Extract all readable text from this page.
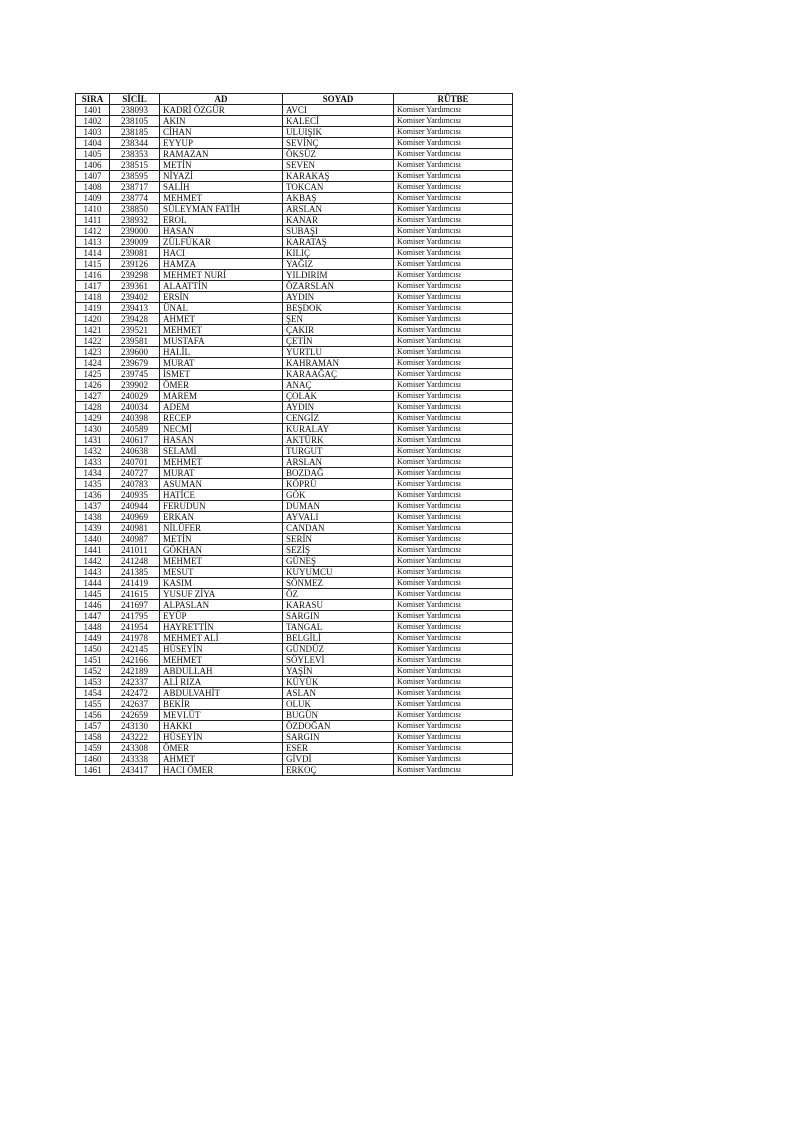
SIRA	SİCİL	AD	SOYAD	RÜTBE
1401	238093	KADRİ ÖZGÜR	AVCI	Komiser Yardımcısı
1402	238105	AKIN	KALECİ	Komiser Yardımcısı
1403	238185	CİHAN	ULUIŞIK	Komiser Yardımcısı
1404	238344	EYYUP	SEVİNÇ	Komiser Yardımcısı
1405	238353	RAMAZAN	ÖKSÜZ	Komiser Yardımcısı
1406	238515	METİN	SEVEN	Komiser Yardımcısı
1407	238595	NİYAZİ	KARAKAŞ	Komiser Yardımcısı
1408	238717	SALİH	TOKCAN	Komiser Yardımcısı
1409	238774	MEHMET	AKBAŞ	Komiser Yardımcısı
1410	238850	SÜLEYMAN FATİH	ARSLAN	Komiser Yardımcısı
1411	238932	EROL	KANAR	Komiser Yardımcısı
1412	239000	HASAN	SUBAŞI	Komiser Yardımcısı
1413	239009	ZÜLFÜKAR	KARATAŞ	Komiser Yardımcısı
1414	239081	HACI	KILIÇ	Komiser Yardımcısı
1415	239126	HAMZA	YAĞIZ	Komiser Yardımcısı
1416	239298	MEHMET NURİ	YILDIRIM	Komiser Yardımcısı
1417	239361	ALAATTİN	ÖZARSLAN	Komiser Yardımcısı
1418	239402	ERSİN	AYDIN	Komiser Yardımcısı
1419	239413	ÜNAL	BEŞDOK	Komiser Yardımcısı
1420	239428	AHMET	ŞEN	Komiser Yardımcısı
1421	239521	MEHMET	ÇAKIR	Komiser Yardımcısı
1422	239581	MUSTAFA	ÇETİN	Komiser Yardımcısı
1423	239600	HALİL	YURTLU	Komiser Yardımcısı
1424	239679	MURAT	KAHRAMAN	Komiser Yardımcısı
1425	239745	İSMET	KARAAĞAÇ	Komiser Yardımcısı
1426	239902	ÖMER	ANAÇ	Komiser Yardımcısı
1427	240029	MAREM	ÇOLAK	Komiser Yardımcısı
1428	240034	ADEM	AYDIN	Komiser Yardımcısı
1429	240398	RECEP	CENGİZ	Komiser Yardımcısı
1430	240589	NECMİ	KURALAY	Komiser Yardımcısı
1431	240617	HASAN	AKTÜRK	Komiser Yardımcısı
1432	240638	SELAMİ	TURGUT	Komiser Yardımcısı
1433	240701	MEHMET	ARSLAN	Komiser Yardımcısı
1434	240727	MURAT	BOZDAĞ	Komiser Yardımcısı
1435	240783	ASUMAN	KÖPRÜ	Komiser Yardımcısı
1436	240935	HATİCE	GÖK	Komiser Yardımcısı
1437	240944	FERUDUN	DUMAN	Komiser Yardımcısı
1438	240969	ERKAN	AYVALI	Komiser Yardımcısı
1439	240981	NİLÜFER	CANDAN	Komiser Yardımcısı
1440	240987	METİN	SERİN	Komiser Yardımcısı
1441	241011	GÖKHAN	SEZİŞ	Komiser Yardımcısı
1442	241248	MEHMET	GÜNEŞ	Komiser Yardımcısı
1443	241385	MESUT	KUYUMCU	Komiser Yardımcısı
1444	241419	KASIM	SÖNMEZ	Komiser Yardımcısı
1445	241615	YUSUF ZİYA	ÖZ	Komiser Yardımcısı
1446	241697	ALPASLAN	KARASU	Komiser Yardımcısı
1447	241795	EYÜP	SARGIN	Komiser Yardımcısı
1448	241954	HAYRETTİN	TANGAL	Komiser Yardımcısı
1449	241978	MEHMET ALİ	BELGİLİ	Komiser Yardımcısı
1450	242145	HÜSEYİN	GÜNDÜZ	Komiser Yardımcısı
1451	242166	MEHMET	SÖYLEVİ	Komiser Yardımcısı
1452	242189	ABDULLAH	YAŞİN	Komiser Yardımcısı
1453	242337	ALİ RIZA	KÜYÜK	Komiser Yardımcısı
1454	242472	ABDULVAHİT	ASLAN	Komiser Yardımcısı
1455	242637	BEKİR	OLUK	Komiser Yardımcısı
1456	242659	MEVLÜT	BUGÜN	Komiser Yardımcısı
1457	243130	HAKKI	ÖZDOĞAN	Komiser Yardımcısı
1458	243222	HÜSEYİN	SARGIN	Komiser Yardımcısı
1459	243308	ÖMER	ESER	Komiser Yardımcısı
1460	243338	AHMET	GİVDİ	Komiser Yardımcısı
1461	243417	HACI ÖMER	ERKOÇ	Komiser Yardımcısı
